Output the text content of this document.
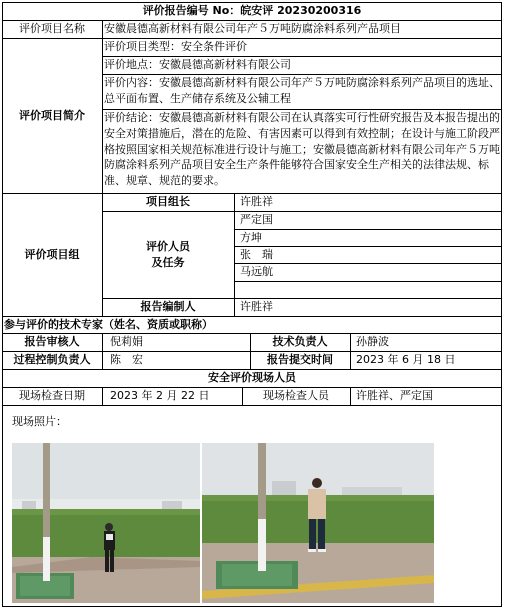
评价报告编号 No：皖安评 20230200316
评价项目名称	安徽晨德高新材料有限公司年产５万吨防腐涂料系列产品项目
评价项目简介
评价项目类型：安全条件评价
评价地点：安徽晨德高新材料有限公司
评价内容：安徽晨德高新材料有限公司年产５万吨防腐涂料系列产品项目的选址、总平面布置、生产储存系统及公辅工程
评价结论：安徽晨德高新材料有限公司在认真落实可行性研究报告及本报告提出的安全对策措施后，潜在的危险、有害因素可以得到有效控制；在设计与施工阶段严格按照国家相关规范标准进行设计与施工；安徽晨德高新材料有限公司年产５万吨防腐涂料系列产品项目安全生产条件能够符合国家安全生产相关的法律法规、标准、规章、规范的要求。
评价项目组
项目组长	许胜祥
评价人员
及任务
严定国
方坤
张　瑞
马远航
报告编制人	许胜祥
参与评价的技术专家（姓名、资质或职称）
报告审核人	倪莉娟	技术负责人	孙静波
过程控制负责人	陈　宏	报告提交时间	2023 年 6 月 18 日
安全评价现场人员
现场检查日期	2023 年 2 月 22 日	现场检查人员	许胜祥、严定国
现场照片：
